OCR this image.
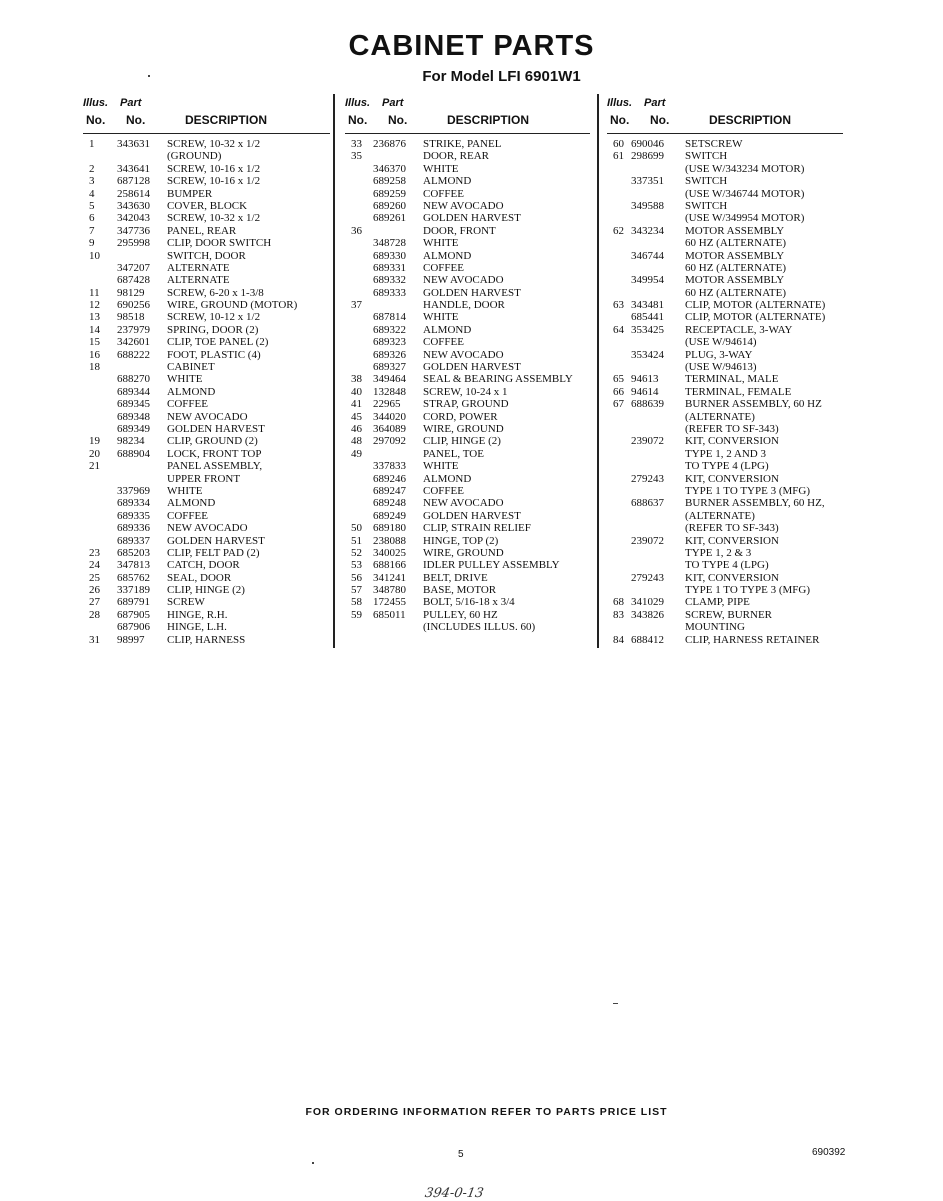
CABINET PARTS
For Model LFI 6901W1
Illus. Part
No. No.	DESCRIPTION
1 343631 SCREW, 10-32 x 1/2
(GROUND)
2 343641 SCREW, 10-16 x 1/2
3 687128 SCREW, 10-16 x 1/2
4 258614 BUMPER
5 343630 COVER, BLOCK
6 342043 SCREW, 10-32 x 1/2
7 347736 PANEL, REAR
9 295998 CLIP, DOOR SWITCH
10	SWITCH, DOOR
347207 ALTERNATE
687428 ALTERNATE
11 98129 SCREW, 6-20 x 1-3/8
12 690256 WIRE, GROUND (MOTOR)
13 98518 SCREW, 10-12 x 1/2
14 237979 SPRING, DOOR (2)
15 342601 CLIP, TOE PANEL (2)
16 688222 FOOT, PLASTIC (4)
18	CABINET
688270 WHITE
689344 ALMOND
689345 COFFEE
689348 NEW AVOCADO
689349 GOLDEN HARVEST
19 98234 CLIP, GROUND (2)
20 688904 LOCK, FRONT TOP
21	PANEL ASSEMBLY,
UPPER FRONT
337969 WHITE
689334 ALMOND
689335 COFFEE
689336 NEW AVOCADO
689337 GOLDEN HARVEST
23 685203 CLIP, FELT PAD (2)
24 347813 CATCH, DOOR
25 685762 SEAL, DOOR
26 337189 CLIP, HINGE (2)
27 689791 SCREW
28 687905 HINGE, R.H.
687906 HINGE, L.H.
31 98997 CLIP, HARNESS
Illus. Part
No. No.	DESCRIPTION
33 236876 STRIKE, PANEL
35	DOOR, REAR
346370 WHITE
689258 ALMOND
689259 COFFEE
689260 NEW AVOCADO
689261 GOLDEN HARVEST
36	DOOR, FRONT
348728 WHITE
689330 ALMOND
689331 COFFEE
689332 NEW AVOCADO
689333 GOLDEN HARVEST
37	HANDLE, DOOR
687814 WHITE
689322 ALMOND
689323 COFFEE
689326 NEW AVOCADO
689327 GOLDEN HARVEST
38 349464 SEAL & BEARING ASSEMBLY
40 132848 SCREW, 10-24 x 1
41 22965 STRAP, GROUND
45 344020 CORD, POWER
46 364089 WIRE, GROUND
48 297092 CLIP, HINGE (2)
49	PANEL, TOE
337833 WHITE
689246 ALMOND
689247 COFFEE
689248 NEW AVOCADO
689249 GOLDEN HARVEST
50 689180 CLIP, STRAIN RELIEF
51 238088 HINGE, TOP (2)
52 340025 WIRE, GROUND
53 688166 IDLER PULLEY ASSEMBLY
56 341241 BELT, DRIVE
57 348780 BASE, MOTOR
58 172455 BOLT, 5/16-18 x 3/4
59 685011 PULLEY, 60 HZ
(INCLUDES ILLUS. 60)
Illus. Part
No. No.	DESCRIPTION
60 690046 SETSCREW
61 298699 SWITCH
(USE W/343234 MOTOR)
337351 SWITCH
(USE W/346744 MOTOR)
349588 SWITCH
(USE W/349954 MOTOR)
62 343234 MOTOR ASSEMBLY
60 HZ (ALTERNATE)
346744 MOTOR ASSEMBLY
60 HZ (ALTERNATE)
349954 MOTOR ASSEMBLY
60 HZ (ALTERNATE)
63 343481 CLIP, MOTOR (ALTERNATE)
685441 CLIP, MOTOR (ALTERNATE)
64 353425 RECEPTACLE, 3-WAY
(USE W/94614)
353424 PLUG, 3-WAY
(USE W/94613)
65 94613 TERMINAL, MALE
66 94614 TERMINAL, FEMALE
67 688639 BURNER ASSEMBLY, 60 HZ
(ALTERNATE)
(REFER TO SF-343)
239072 KIT, CONVERSION
TYPE 1, 2 AND 3
TO TYPE 4 (LPG)
279243 KIT, CONVERSION
TYPE 1 TO TYPE 3 (MFG)
688637 BURNER ASSEMBLY, 60 HZ,
(ALTERNATE)
(REFER TO SF-343)
239072 KIT, CONVERSION
TYPE 1, 2 & 3
TO TYPE 4 (LPG)
279243 KIT, CONVERSION
TYPE 1 TO TYPE 3 (MFG)
68 341029 CLAMP, PIPE
83 343826 SCREW, BURNER
MOUNTING
84 688412 CLIP, HARNESS RETAINER
FOR ORDERING INFORMATION REFER TO PARTS PRICE LIST
5	690392
394-0-13
